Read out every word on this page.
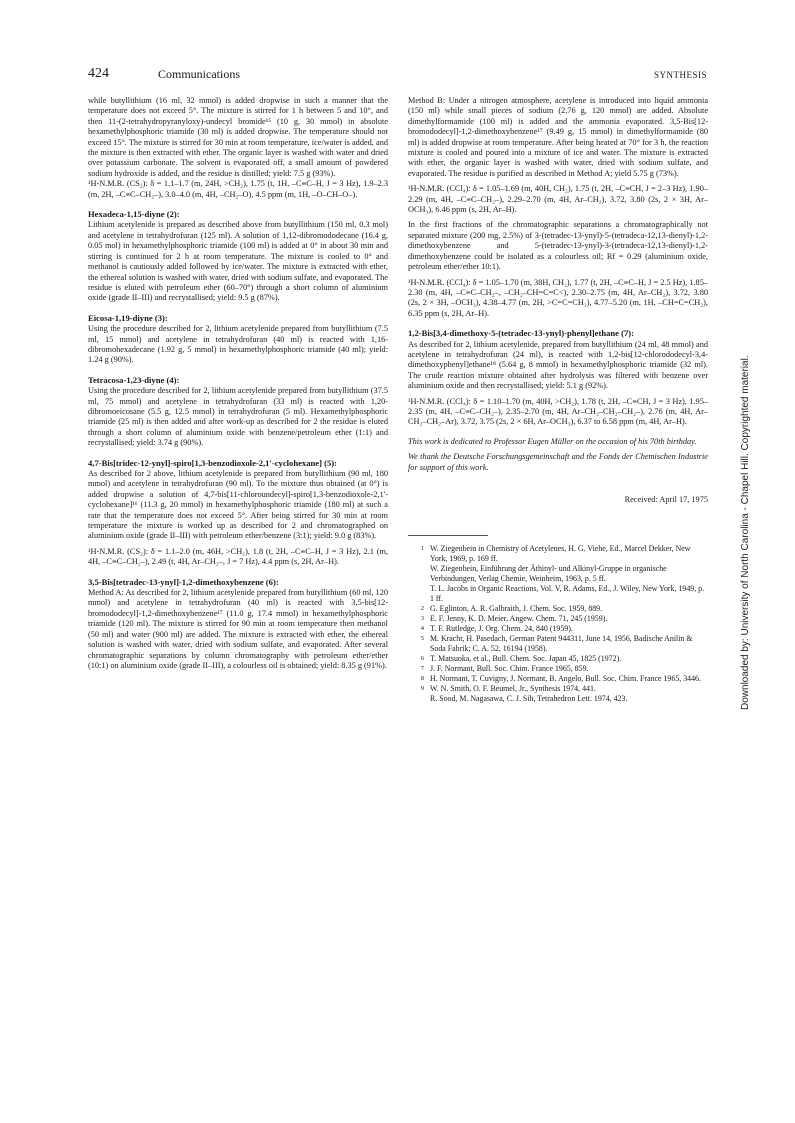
424	Communications	SYNTHESIS

while butyllithium (16 ml, 32 mmol) is added dropwise in such a manner that the temperature does not exceed 5°. The mixture is stirred for 1 h between 5 and 10°, and then 11-(2-tetrahydropyranyloxy)-undecyl bromide¹⁵ (10 g, 30 mmol) in absolute hexamethylphosphoric triamide (30 ml) is added dropwise. The temperature should not exceed 15°. The mixture is stirred for 30 min at room temperature, ice/water is added, and the mixture is then extracted with ether. The organic layer is washed with water and dried over potassium carbonate. The solvent is evaporated off, a small amount of powdered sodium hydroxide is added, and the residue is distilled; yield: 7.5 g (93%).

¹H-N.M.R. (CS₂): δ = 1.1–1.7 (m, 24H, >CH₂), 1.75 (t, 1H, –C≡C–H, J = 3 Hz), 1.9–2.3 (m, 2H, –C≡C–CH₂–), 3.0–4.0 (m, 4H, –CH₂–O), 4.5 ppm (m, 1H, –O–CH–O–).

Hexadeca-1,15-diyne (2):

Lithium acetylenide is prepared as described above from butyllithium (150 ml, 0.3 mol) and acetylene in tetrahydrofuran (125 ml). A solution of 1,12-dibromododecane (16.4 g, 0.05 mol) in hexamethylphosphoric triamide (100 ml) is added at 0° in about 30 min and stirring is continued for 2 h at room temperature. The mixture is cooled to 0° and methanol is cautiously added followed by ice/water. The mixture is extracted with ether, the ethereal solution is washed with water, dried with sodium sulfate, and evaporated. The residue is eluted with petroleum ether (60–70°) through a short column of aluminium oxide (grade II–III) and recrystallised; yield: 9.5 g (87%).

Eicosa-1,19-diyne (3):

Using the procedure described for 2, lithium acetylenide prepared from butyllithium (7.5 ml, 15 mmol) and acetylene in tetrahydrofuran (40 ml) is reacted with 1,16-dibromohexadecane (1.92 g, 5 mmol) in hexamethylphosphoric triamide (40 ml); yield: 1.24 g (90%).

Tetracosa-1,23-diyne (4):

Using the procedure described for 2, lithium acetylenide prepared from butyllithium (37.5 ml, 75 mmol) and acetylene in tetrahydrofuran (33 ml) is reacted with 1,20-dibromoeicosane (5.5 g, 12.5 mmol) in tetrahydrofuran (5 ml). Hexamethylphosphoric triamide (25 ml) is then added and after work-up as described for 2 the residue is eluted through a short column of aluminium oxide with benzene/petroleum ether (1:1) and recrystallised; yield: 3.74 g (90%).

4,7-Bis[tridec-12-ynyl]-spiro[1,3-benzodioxole-2,1'-cyclohexane] (5):

As described for 2 above, lithium acetylenide is prepared from butyllithium (90 ml, 180 mmol) and acetylene in tetrahydrofuran (90 ml). To the mixture thus obtained (at 0°) is added dropwise a solution of 4,7-bis[11-chloroundecyl]-spiro[1,3-benzodioxole-2,1'-cyclohexane]¹⁶ (11.3 g, 20 mmol) in hexamethylphosphoric triamide (180 ml) at such a rate that the temperature does not exceed 5°. After being stirred for 30 min at room temperature the mixture is worked up as described for 2 and chromatographed on aluminium oxide (grade II–III) with petroleum ether/benzene (3:1); yield: 9.0 g (83%).

¹H-N.M.R. (CS₂): δ = 1.1–2.0 (m, 46H, >CH₂), 1.8 (t, 2H, –C≡C–H, J = 3 Hz), 2.1 (m, 4H, –C≡C–CH₂–), 2.49 (t, 4H, Ar–CH₂–, J = 7 Hz), 4.4 ppm (s, 2H, Ar–H).

3,5-Bis[tetradec-13-ynyl]-1,2-dimethoxybenzene (6):

Method A: As described for 2, lithium acetylenide prepared from butyllithium (60 ml, 120 mmol) and acetylene in tetrahydrofuran (40 ml) is reacted with 3,5-bis[12-bromododecyl]-1,2-dimethoxybenzene¹⁷ (11.0 g, 17.4 mmol) in hexamethylphosphoric triamide (120 ml). The mixture is stirred for 90 min at room temperature then methanol (50 ml) and water (900 ml) are added. The mixture is extracted with ether, the ethereal solution is washed with water, dried with sodium sulfate, and evaporated. After several chromatographic separations by column chromatography with petroleum ether/ether (10:1) on aluminium oxide (grade II–III), a colourless oil is obtained; yield: 8.35 g (91%).

Method B: Under a nitrogen atmosphere, acetylene is introduced into liquid ammonia (150 ml) while small pieces of sodium (2.76 g, 120 mmol) are added. Absolute dimethylformamide (100 ml) is added and the ammonia evaporated. 3,5-Bis[12-bromododecyl]-1,2-dimethoxybenzene¹⁷ (9.49 g, 15 mmol) in dimethylformamide (80 ml) is added dropwise at room temperature. After being heated at 70° for 3 h, the reaction mixture is cooled and poured into a mixture of ice and water. The mixture is extracted with ether, the organic layer is washed with water, dried with sodium sulfate, and evaporated. The residue is purified as described in Method A; yield 5.75 g (73%).

¹H-N.M.R. (CCl₄): δ = 1.05–1.69 (m, 40H, CH₂), 1.75 (t, 2H, –C≡CH, J = 2–3 Hz), 1.90–2.29 (m, 4H, –C≡C–CH₂–), 2.29–2.70 (m, 4H, Ar–CH₂), 3.72, 3.80 (2s, 2 × 3H, Ar–OCH₃), 6.46 ppm (s, 2H, Ar–H).

In the first fractions of the chromatographic separations a chromatographically not separated mixture (200 mg, 2.5%) of 3-(tetradec-13-ynyl)-5-(tetradeca-12,13-dienyl)-1,2-dimethoxybenzene and 5-(tetradec-13-ynyl)-3-(tetradeca-12,13-dienyl)-1,2-dimethoxybenzene could be isolated as a colourless oil; Rf = 0.29 (aluminium oxide, petroleum ether/ether 10:1).

¹H-N.M.R. (CCl₄): δ = 1.05–1.70 (m, 38H, CH₂), 1.77 (t, 2H, –C≡C–H, J = 2.5 Hz), 1.85–2.30 (m, 4H, –C≡C–CH₂–, –CH₂–CH=C=C<), 2.30–2.75 (m, 4H, Ar–CH₂), 3.72, 3.80 (2s, 2 × 3H, –OCH₃), 4.38–4.77 (m, 2H, >C=C=CH₂), 4.77–5.20 (m, 1H, –CH=C=CH₂), 6.35 ppm (s, 2H, Ar–H).

1,2-Bis[3,4-dimethoxy-5-(tetradec-13-ynyl)-phenyl]ethane (7):

As described for 2, lithium acetylenide, prepared from butyllithium (24 ml, 48 mmol) and acetylene in tetrahydrofuran (24 ml), is reacted with 1,2-bis[12-chlorododecyl-3,4-dimethoxyphenyl]ethane¹⁸ (5.64 g, 8 mmol) in hexamethylphosphoric triamide (32 ml). The crude reaction mixture obtained after hydrolysis was filtered with benzene over aluminium oxide and then recrystallised; yield: 5.1 g (92%).

¹H-N.M.R. (CCl₄): δ = 1.10–1.70 (m, 40H, >CH₂), 1.78 (t, 2H, –C≡CH, J = 3 Hz), 1.95–2.35 (m, 4H, –C≡C–CH₂–), 2.35–2.70 (m, 4H, Ar–CH₂–CH₂–CH₂–), 2.76 (m, 4H, Ar–CH₂–CH₂–Ar), 3.72, 3.75 (2s, 2 × 6H, Ar–OCH₃), 6.37 to 6.58 ppm (m, 4H, Ar–H).

This work is dedicated to Professor Eugen Müller on the occasion of his 70th birthday.

We thank the Deutsche Forschungsgemeinschaft and the Fonds der Chemischen Industrie for support of this work.

Received: April 17, 1975
1 W. Ziegenbein in Chemistry of Acetylenes, H. G. Viehe, Ed., Marcel Dekker, New York, 1969, p. 169 ff.
W. Ziegenbein, Einführung der Äthinyl- und Alkinyl-Gruppe in organische Verbindungen, Verlag Chemie, Weinheim, 1963, p. 5 ff.
T. L. Jacobs in Organic Reactions, Vol. V, R. Adams, Ed., J. Wiley, New York, 1949, p. 1 ff.
2 G. Eglinton, A. R. Galbraith, J. Chem. Soc. 1959, 889.
3 E. F. Jenny, K. D. Meier, Angew. Chem. 71, 245 (1959).
4 T. F. Rutledge, J. Org. Chem. 24, 840 (1959).
5 M. Kracht, H. Pasedach, German Patent 944311, June 14, 1956, Badische Anilin & Soda Fabrik; C. A. 52, 16194 (1958).
6 T. Matsuoka, et al., Bull. Chem. Soc. Japan 45, 1825 (1972).
7 J. F. Normant, Bull. Soc. Chim. France 1965, 859.
8 H. Normant, T. Cuvigny, J. Normant, B. Angelo, Bull. Soc. Chim. France 1965, 3446.
9 W. N. Smith, O. F. Beumel, Jr., Synthesis 1974, 441.
R. Sood, M. Nagasawa, C. J. Sih, Tetrahedron Lett. 1974, 423.	Downloaded by: University of North Carolina - Chapel Hill. Copyrighted material.
